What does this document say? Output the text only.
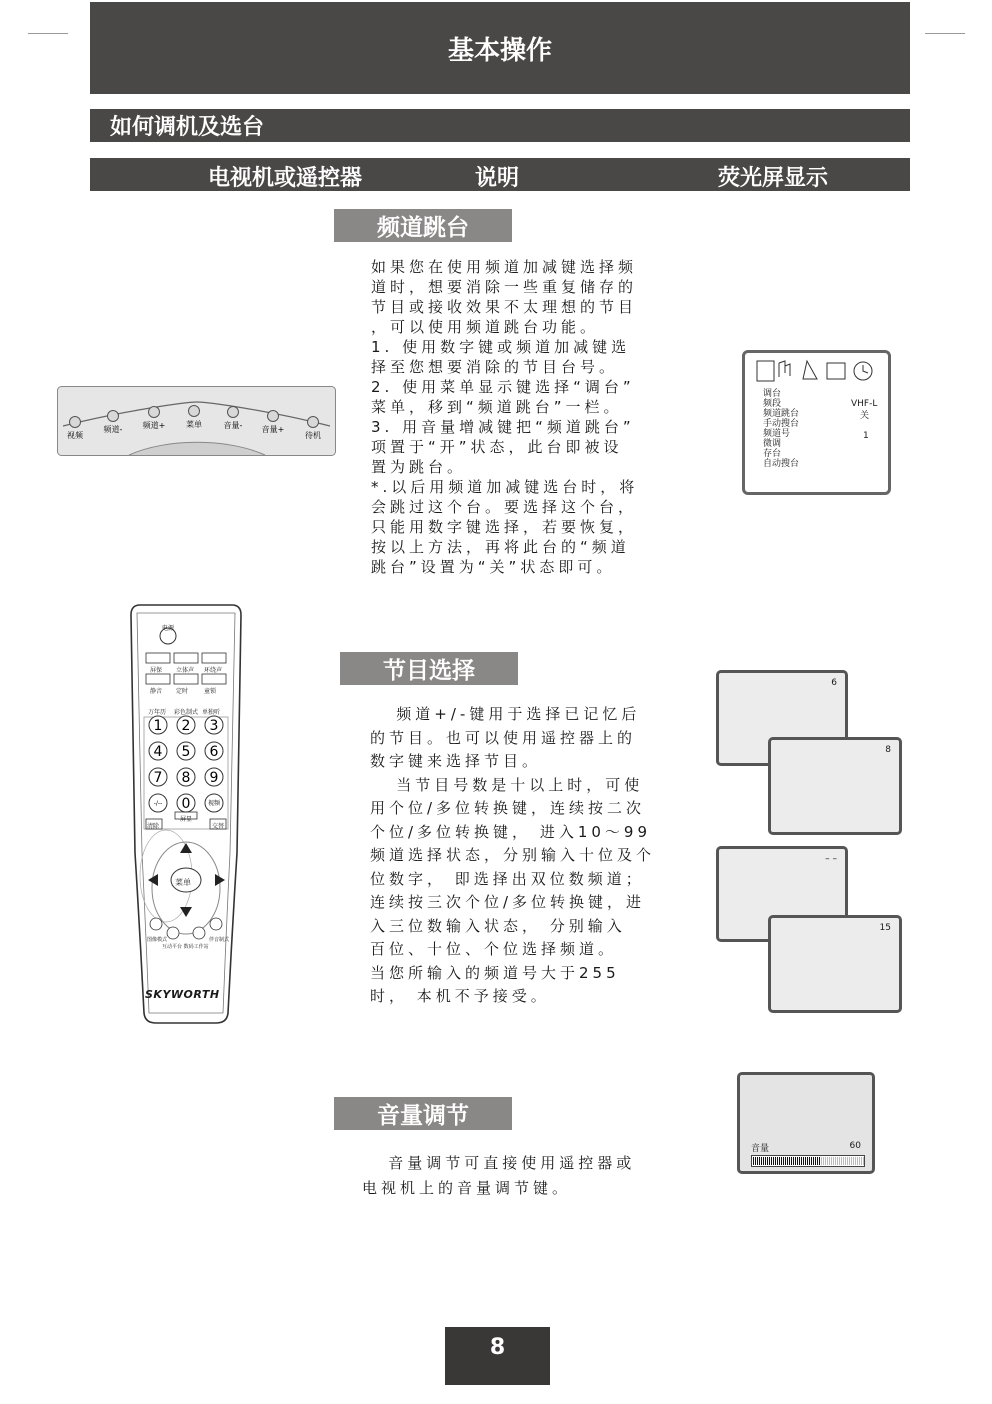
基本操作
如何调机及选台
电视机或遥控器	说明	荧光屏显示
频道跳台
如果您在使用频道加减键选择频
道时，想要消除一些重复储存的
节目或接收效果不太理想的节目
，可以使用频道跳台功能。
1. 使用数字键或频道加减键选
择至您想要消除的节目台号。
2. 使用菜单显示键选择“调台”
菜单，移到“频道跳台”一栏。
3. 用音量增减键把“频道跳台”
项置于“开”状态，此台即被设
置为跳台。
*.以后用频道加减键选台时，将
会跳过这个台。要选择这个台，
只能用数字键选择，若要恢复，
按以上方法，再将此台的“频道
跳台”设置为“关”状态即可。
视频
频道-	频道+	菜单	音量- 音量+
待机
调台
频段
频道跳台
手动搜台
频道号
微调
存台
自动搜台
VHF-L
关
1
1 2 3
4 5 6
7 8 9
-/-- 0	视频
电源
屏保 立体声 环绕声
静音 定时	童锁
万年历 彩色制式 单独听
屏显
清除	交替
菜单
图像模式	伴音制式
互动平台 数码工作站
SKYWORTH
节目选择
频道+/-键用于选择已记忆后
的节目。也可以使用遥控器上的
数字键来选择节目。
当节目号数是十以上时，可使
用个位/多位转换键，连续按二次
个位/多位转换键， 进入10～99
频道选择状态，分别输入十位及个
位数字， 即选择出双位数频道；
连续按三次个位/多位转换键，进
入三位数输入状态， 分别输入
百位、十位、个位选择频道。
当您所输入的频道号大于255
时， 本机不予接受。
6
8
– –
15
音量调节
音量调节可直接使用遥控器或
电视机上的音量调节键。
音量	60
8
